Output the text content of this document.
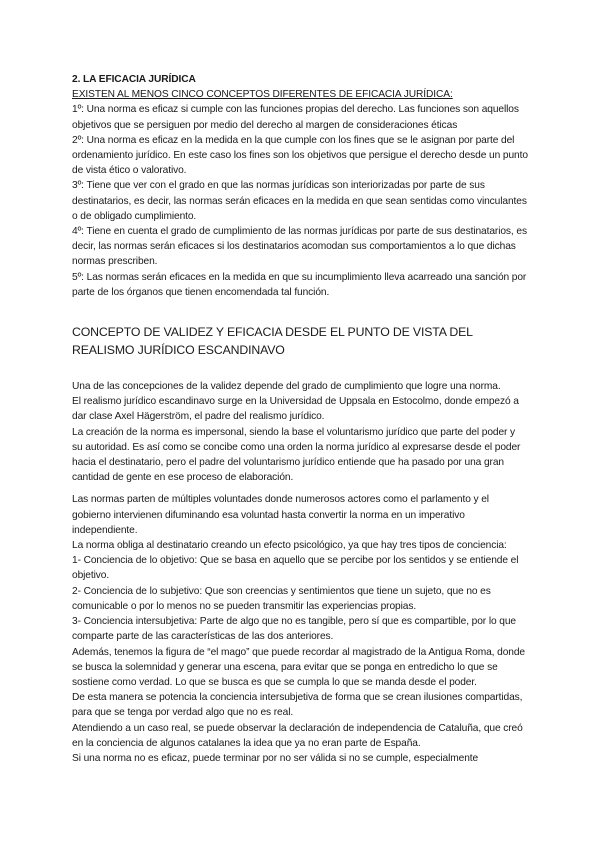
2. LA EFICACIA JURÍDICA

EXISTEN AL MENOS CINCO CONCEPTOS DIFERENTES DE EFICACIA JURÍDICA:

1º: Una norma es eficaz si cumple con las funciones propias del derecho. Las funciones son aquellos objetivos que se persiguen por medio del derecho al margen de consideraciones éticas

2º: Una norma es eficaz en la medida en la que cumple con los fines que se le asignan por parte del ordenamiento jurídico. En este caso los fines son los objetivos que persigue el derecho desde un punto de vista ético o valorativo.

3º: Tiene que ver con el grado en que las normas jurídicas son interiorizadas por parte de sus destinatarios, es decir, las normas serán eficaces en la medida en que sean sentidas como vinculantes o de obligado cumplimiento.

4º: Tiene en cuenta el grado de cumplimiento de las normas jurídicas por parte de sus destinatarios, es decir, las normas serán eficaces si los destinatarios acomodan sus comportamientos a lo que dichas normas prescriben.

5º: Las normas serán eficaces en la medida en que su incumplimiento lleva acarreado una sanción por parte de los órganos que tienen encomendada tal función.

CONCEPTO DE VALIDEZ Y EFICACIA DESDE EL PUNTO DE VISTA DEL

REALISMO JURÍDICO ESCANDINAVO

Una de las concepciones de la validez depende del grado de cumplimiento que logre una norma.

El realismo jurídico escandinavo surge en la Universidad de Uppsala en Estocolmo, donde empezó a dar clase Axel Hägerström, el padre del realismo jurídico.

La creación de la norma es impersonal, siendo la base el voluntarismo jurídico que parte del poder y su autoridad. Es así como se concibe como una orden la norma jurídico al expresarse desde el poder hacia el destinatario, pero el padre del voluntarismo jurídico entiende que ha pasado por una gran cantidad de gente en ese proceso de elaboración.

Las normas parten de múltiples voluntades donde numerosos actores como el parlamento y el gobierno intervienen difuminando esa voluntad hasta convertir la norma en un imperativo independiente.

La norma obliga al destinatario creando un efecto psicológico, ya que hay tres tipos de conciencia:

1- Conciencia de lo objetivo: Que se basa en aquello que se percibe por los sentidos y se entiende el objetivo.

2- Conciencia de lo subjetivo: Que son creencias y sentimientos que tiene un sujeto, que no es comunicable o por lo menos no se pueden transmitir las experiencias propias.

3- Conciencia intersubjetiva: Parte de algo que no es tangible, pero sí que es compartible, por lo que comparte parte de las características de las dos anteriores.

Además, tenemos la figura de “el mago” que puede recordar al magistrado de la Antigua Roma, donde se busca la solemnidad y generar una escena, para evitar que se ponga en entredicho lo que se sostiene como verdad. Lo que se busca es que se cumpla lo que se manda desde el poder.

De esta manera se potencia la conciencia intersubjetiva de forma que se crean ilusiones compartidas, para que se tenga por verdad algo que no es real.

Atendiendo a un caso real, se puede observar la declaración de independencia de Cataluña, que creó en la conciencia de algunos catalanes la idea que ya no eran parte de España.

Si una norma no es eficaz, puede terminar por no ser válida si no se cumple, especialmente
